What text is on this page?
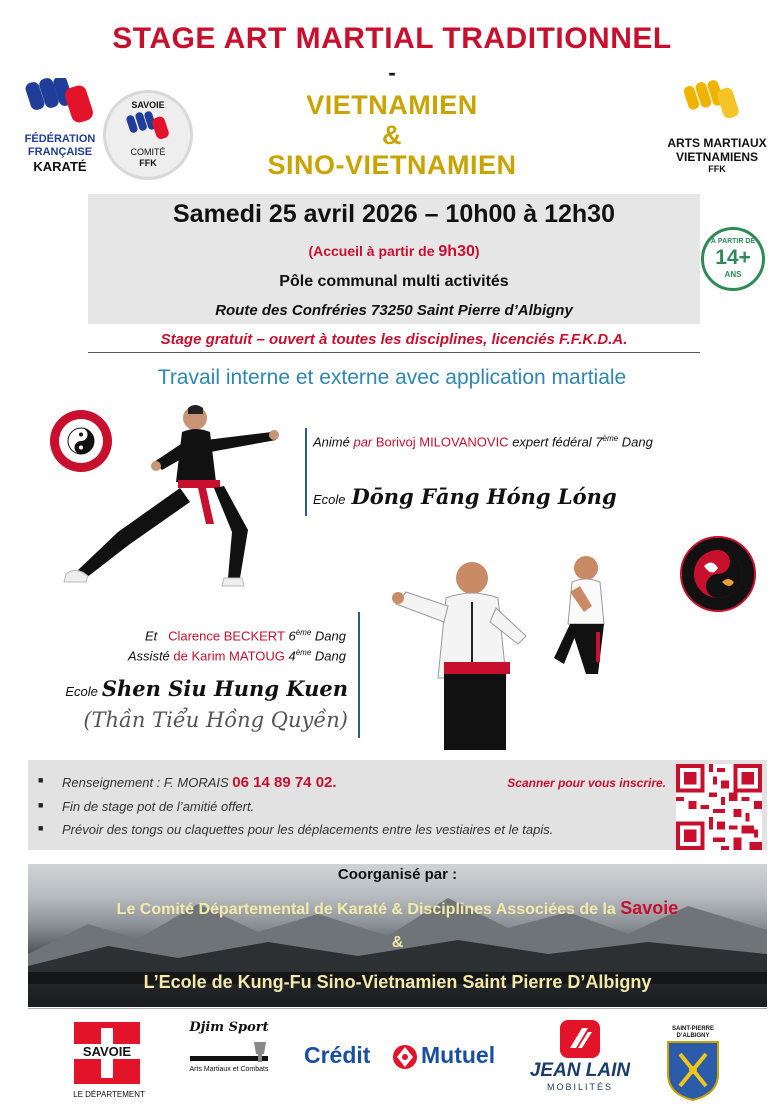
STAGE ART MARTIAL TRADITIONNEL
-
VIETNAMIEN
&
SINO-VIETNAMIEN
FÉDÉRATION
FRANÇAISE
KARATÉ
SAVOIE
COMITÉ
FFK
ARTS MARTIAUX
VIETNAMIENS
FFK
Samedi 25 avril 2026 – 10h00 à 12h30
(Accueil à partir de 9h30)
Pôle communal multi activités
Route des Confréries 73250 Saint Pierre d’Albigny
À PARTIR DE
14+
ANS
Stage gratuit – ouvert à toutes les disciplines, licenciés F.F.K.D.A.
Travail interne et externe avec application martiale
Animé par Borivoj MILOVANOVIC expert fédéral 7ème Dang
Ecole Dōng Fāng Hóng Lóng
Et Clarence BECKERT 6ème Dang
Assisté de Karim MATOUG 4ème Dang
Ecole Shen Siu Hung Kuen
(Thần Tiểu Hồng Quyền)
■ Renseignement : F. MORAIS 06 14 89 74 02.
■ Fin de stage pot de l’amitié offert.
■ Prévoir des tongs ou claquettes pour les déplacements entre les vestiaires et le tapis.
Scanner pour vous inscrire.
Coorganisé par :
Le Comité Départemental de Karaté & Disciplines Associées de la Savoie
&
L’Ecole de Kung-Fu Sino-Vietnamien Saint Pierre D’Albigny
SAVOIE
LE DÉPARTEMENT
Djim Sport
Arts Martiaux et Combats
Crédit Mutuel
JEAN LAIN
MOBILITÉS
SAINT-PIERRE D’ALBIGNY
